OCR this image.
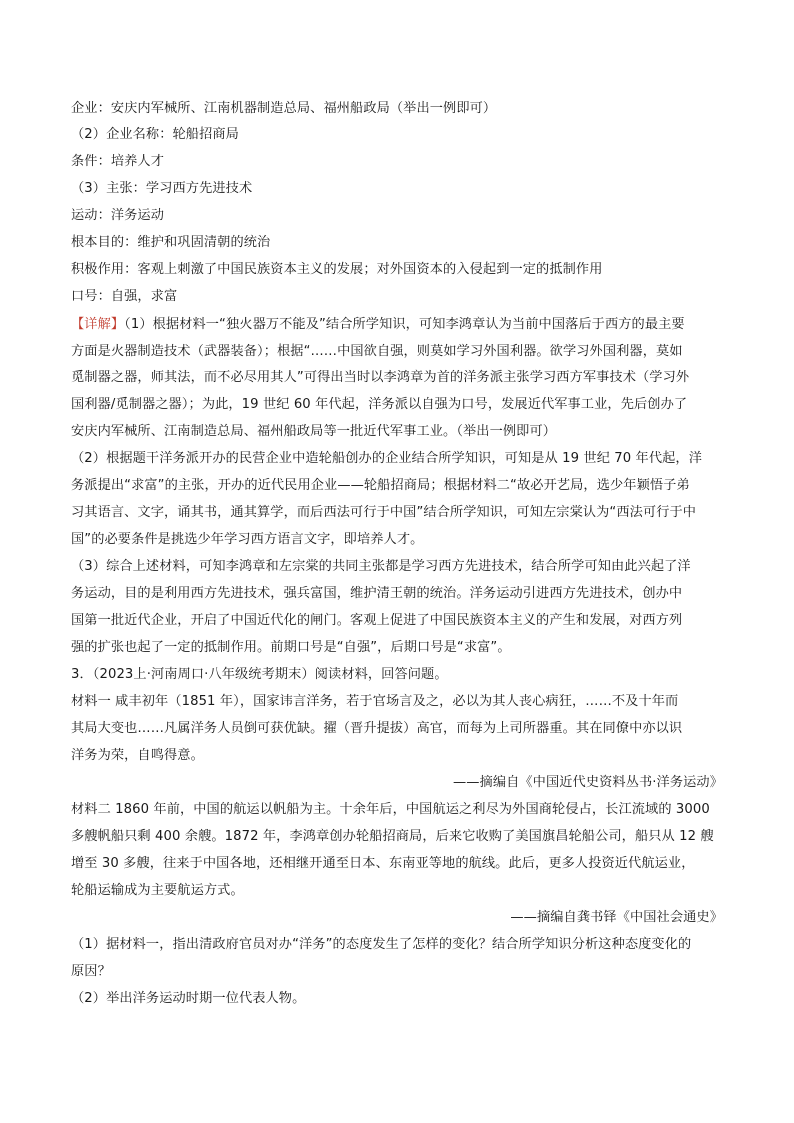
企业：安庆内军械所、江南机器制造总局、福州船政局（举出一例即可）
（2）企业名称：轮船招商局
条件：培养人才
（3）主张：学习西方先进技术
运动：洋务运动
根本目的：维护和巩固清朝的统治
积极作用：客观上刺激了中国民族资本主义的发展；对外国资本的入侵起到一定的抵制作用
口号：自强，求富
【详解】（1）根据材料一“独火器万不能及”结合所学知识，可知李鸿章认为当前中国落后于西方的最主要
方面是火器制造技术（武器装备）；根据“……中国欲自强，则莫如学习外国利器。欲学习外国利器，莫如
觅制器之器，师其法，而不必尽用其人”可得出当时以李鸿章为首的洋务派主张学习西方军事技术（学习外
国利器/觅制器之器）；为此，19 世纪 60 年代起，洋务派以自强为口号，发展近代军事工业，先后创办了
安庆内军械所、江南制造总局、福州船政局等一批近代军事工业。（举出一例即可）
（2）根据题干洋务派开办的民营企业中造轮船创办的企业结合所学知识，可知是从 19 世纪 70 年代起，洋
务派提出“求富”的主张，开办的近代民用企业——轮船招商局；根据材料二“故必开艺局，选少年颖悟子弟
习其语言、文字，诵其书，通其算学，而后西法可行于中国”结合所学知识，可知左宗棠认为“西法可行于中
国”的必要条件是挑选少年学习西方语言文字，即培养人才。
（3）综合上述材料，可知李鸿章和左宗棠的共同主张都是学习西方先进技术，结合所学可知由此兴起了洋
务运动，目的是利用西方先进技术，强兵富国，维护清王朝的统治。洋务运动引进西方先进技术，创办中
国第一批近代企业，开启了中国近代化的闸门。客观上促进了中国民族资本主义的产生和发展，对西方列
强的扩张也起了一定的抵制作用。前期口号是“自强”，后期口号是“求富”。
3．（2023上·河南周口·八年级统考期末）阅读材料，回答问题。
材料一 咸丰初年（1851 年），国家讳言洋务，若于官场言及之，必以为其人丧心病狂，……不及十年而
其局大变也……凡属洋务人员倒可获优缺。擢（晋升提拔）高官，而每为上司所器重。其在同僚中亦以识
洋务为荣，自鸣得意。
——摘编自《中国近代史资料丛书·洋务运动》
材料二 1860 年前，中国的航运以帆船为主。十余年后，中国航运之利尽为外国商轮侵占，长江流域的 3000
多艘帆船只剩 400 余艘。1872 年，李鸿章创办轮船招商局，后来它收购了美国旗昌轮船公司，船只从 12 艘
增至 30 多艘，往来于中国各地，还相继开通至日本、东南亚等地的航线。此后，更多人投资近代航运业，
轮船运输成为主要航运方式。
——摘编自龚书铎《中国社会通史》
（1）据材料一，指出清政府官员对办“洋务”的态度发生了怎样的变化？结合所学知识分析这种态度变化的
原因？
（2）举出洋务运动时期一位代表人物。
